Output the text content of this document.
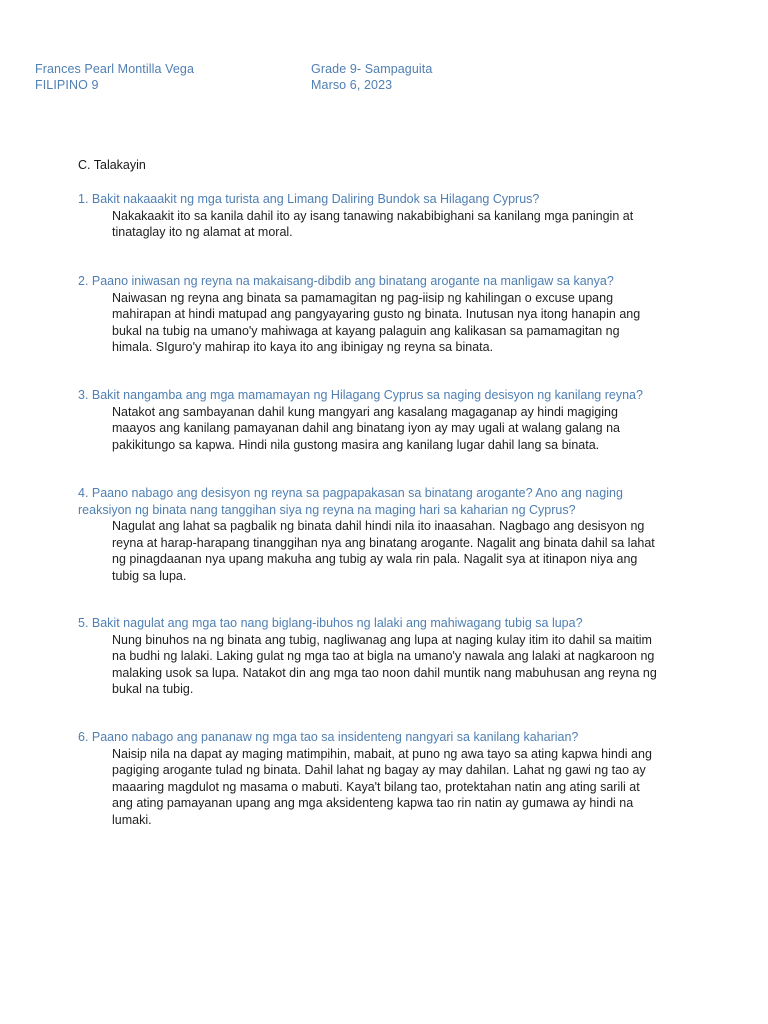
Frances Pearl Montilla Vega
FILIPINO 9
Grade 9- Sampaguita
Marso 6, 2023
C. Talakayin
1. Bakit nakaaakit ng mga turista ang Limang Daliring Bundok sa Hilagang Cyprus?
Nakakaakit ito sa kanila dahil ito ay isang tanawing nakabibighani sa kanilang mga paningin at tinataglay ito ng alamat at moral.
2. Paano iniwasan ng reyna na makaisang-dibdib ang binatang arogante na manligaw sa kanya?
Naiwasan ng reyna ang binata sa pamamagitan ng pag-iisip ng kahilingan o excuse upang mahirapan at hindi matupad ang pangyayaring gusto ng binata. Inutusan nya itong hanapin ang bukal na tubig na umano'y mahiwaga at kayang palaguin ang kalikasan sa pamamagitan ng himala. SIguro'y mahirap ito kaya ito ang ibinigay ng reyna sa binata.
3. Bakit nangamba ang mga mamamayan ng Hilagang Cyprus sa naging desisyon ng kanilang reyna?
Natakot ang sambayanan dahil kung mangyari ang kasalang magaganap ay hindi magiging maayos ang kanilang pamayanan dahil ang binatang iyon ay may ugali at walang galang na pakikitungo sa kapwa. Hindi nila gustong masira ang kanilang lugar dahil lang sa binata.
4. Paano nabago ang desisyon ng reyna sa pagpapakasan sa binatang arogante? Ano ang naging reaksiyon ng binata nang tanggihan siya ng reyna na maging hari sa kaharian ng Cyprus?
Nagulat ang lahat sa pagbalik ng binata dahil hindi nila ito inaasahan. Nagbago ang desisyon ng reyna at harap-harapang tinanggihan nya ang binatang arogante. Nagalit ang binata dahil sa lahat ng pinagdaanan nya upang makuha ang tubig ay wala rin pala. Nagalit sya at itinapon niya ang tubig sa lupa.
5. Bakit nagulat ang mga tao nang biglang-ibuhos ng lalaki ang mahiwagang tubig sa lupa?
Nung binuhos na ng binata ang tubig, nagliwanag ang lupa at naging kulay itim ito dahil sa maitim na budhi ng lalaki. Laking gulat ng mga tao at bigla na umano'y nawala ang lalaki at nagkaroon ng malaking usok sa lupa. Natakot din ang mga tao noon dahil muntik nang mabuhusan ang reyna ng bukal na tubig.
6. Paano nabago ang pananaw ng mga tao sa insidenteng nangyari sa kanilang kaharian?
Naisip nila na dapat ay maging matimpihin, mabait, at puno ng awa tayo sa ating kapwa hindi ang pagiging arogante tulad ng binata. Dahil lahat ng bagay ay may dahilan. Lahat ng gawi ng tao ay maaaring magdulot ng masama o mabuti. Kaya't bilang tao, protektahan natin ang ating sarili at ang ating pamayanan upang ang mga aksidenteng kapwa tao rin natin ay gumawa ay hindi na lumaki.
